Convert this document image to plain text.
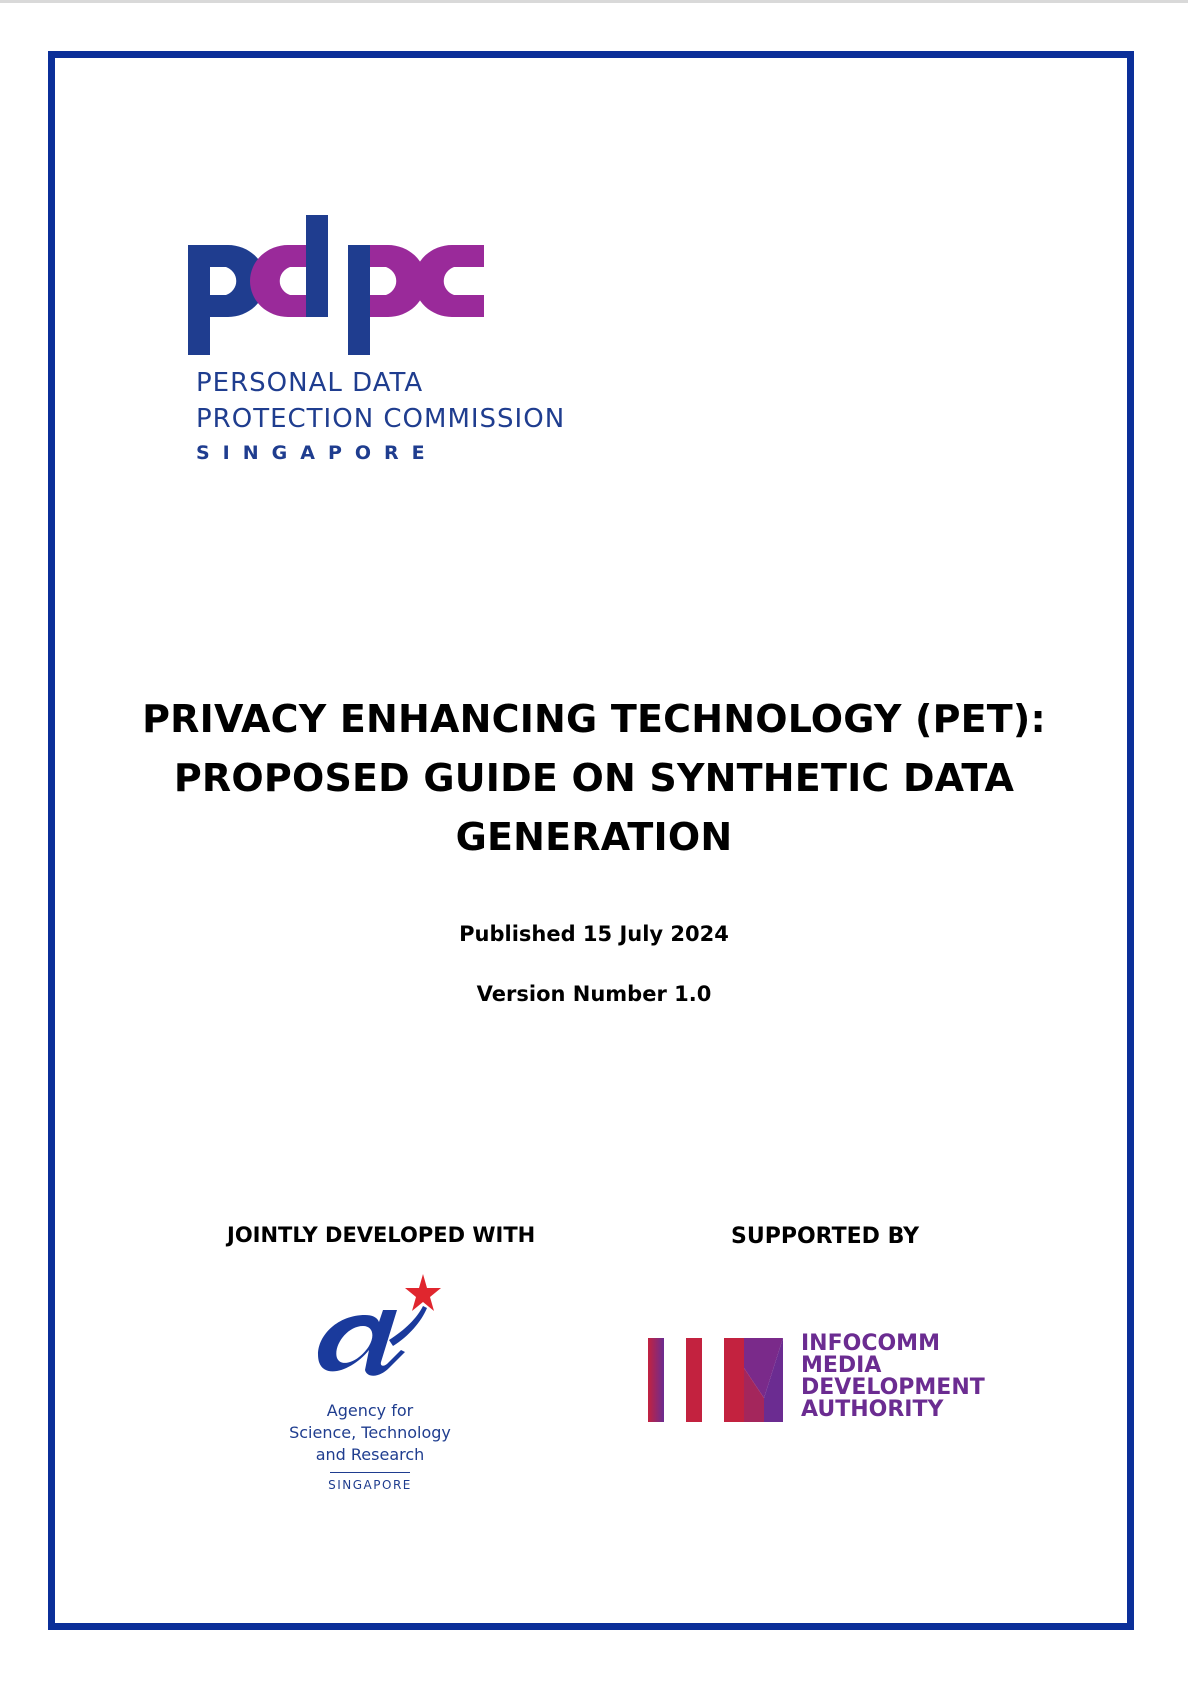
PERSONAL DATA
PROTECTION COMMISSION
SINGAPORE
PRIVACY ENHANCING TECHNOLOGY (PET):
PROPOSED GUIDE ON SYNTHETIC DATA
GENERATION
Published 15 July 2024
Version Number 1.0
JOINTLY DEVELOPED WITH	SUPPORTED BY
Agency for
Science, Technology
and Research
SINGAPORE
INFOCOMM
MEDIA
DEVELOPMENT
AUTHORITY
